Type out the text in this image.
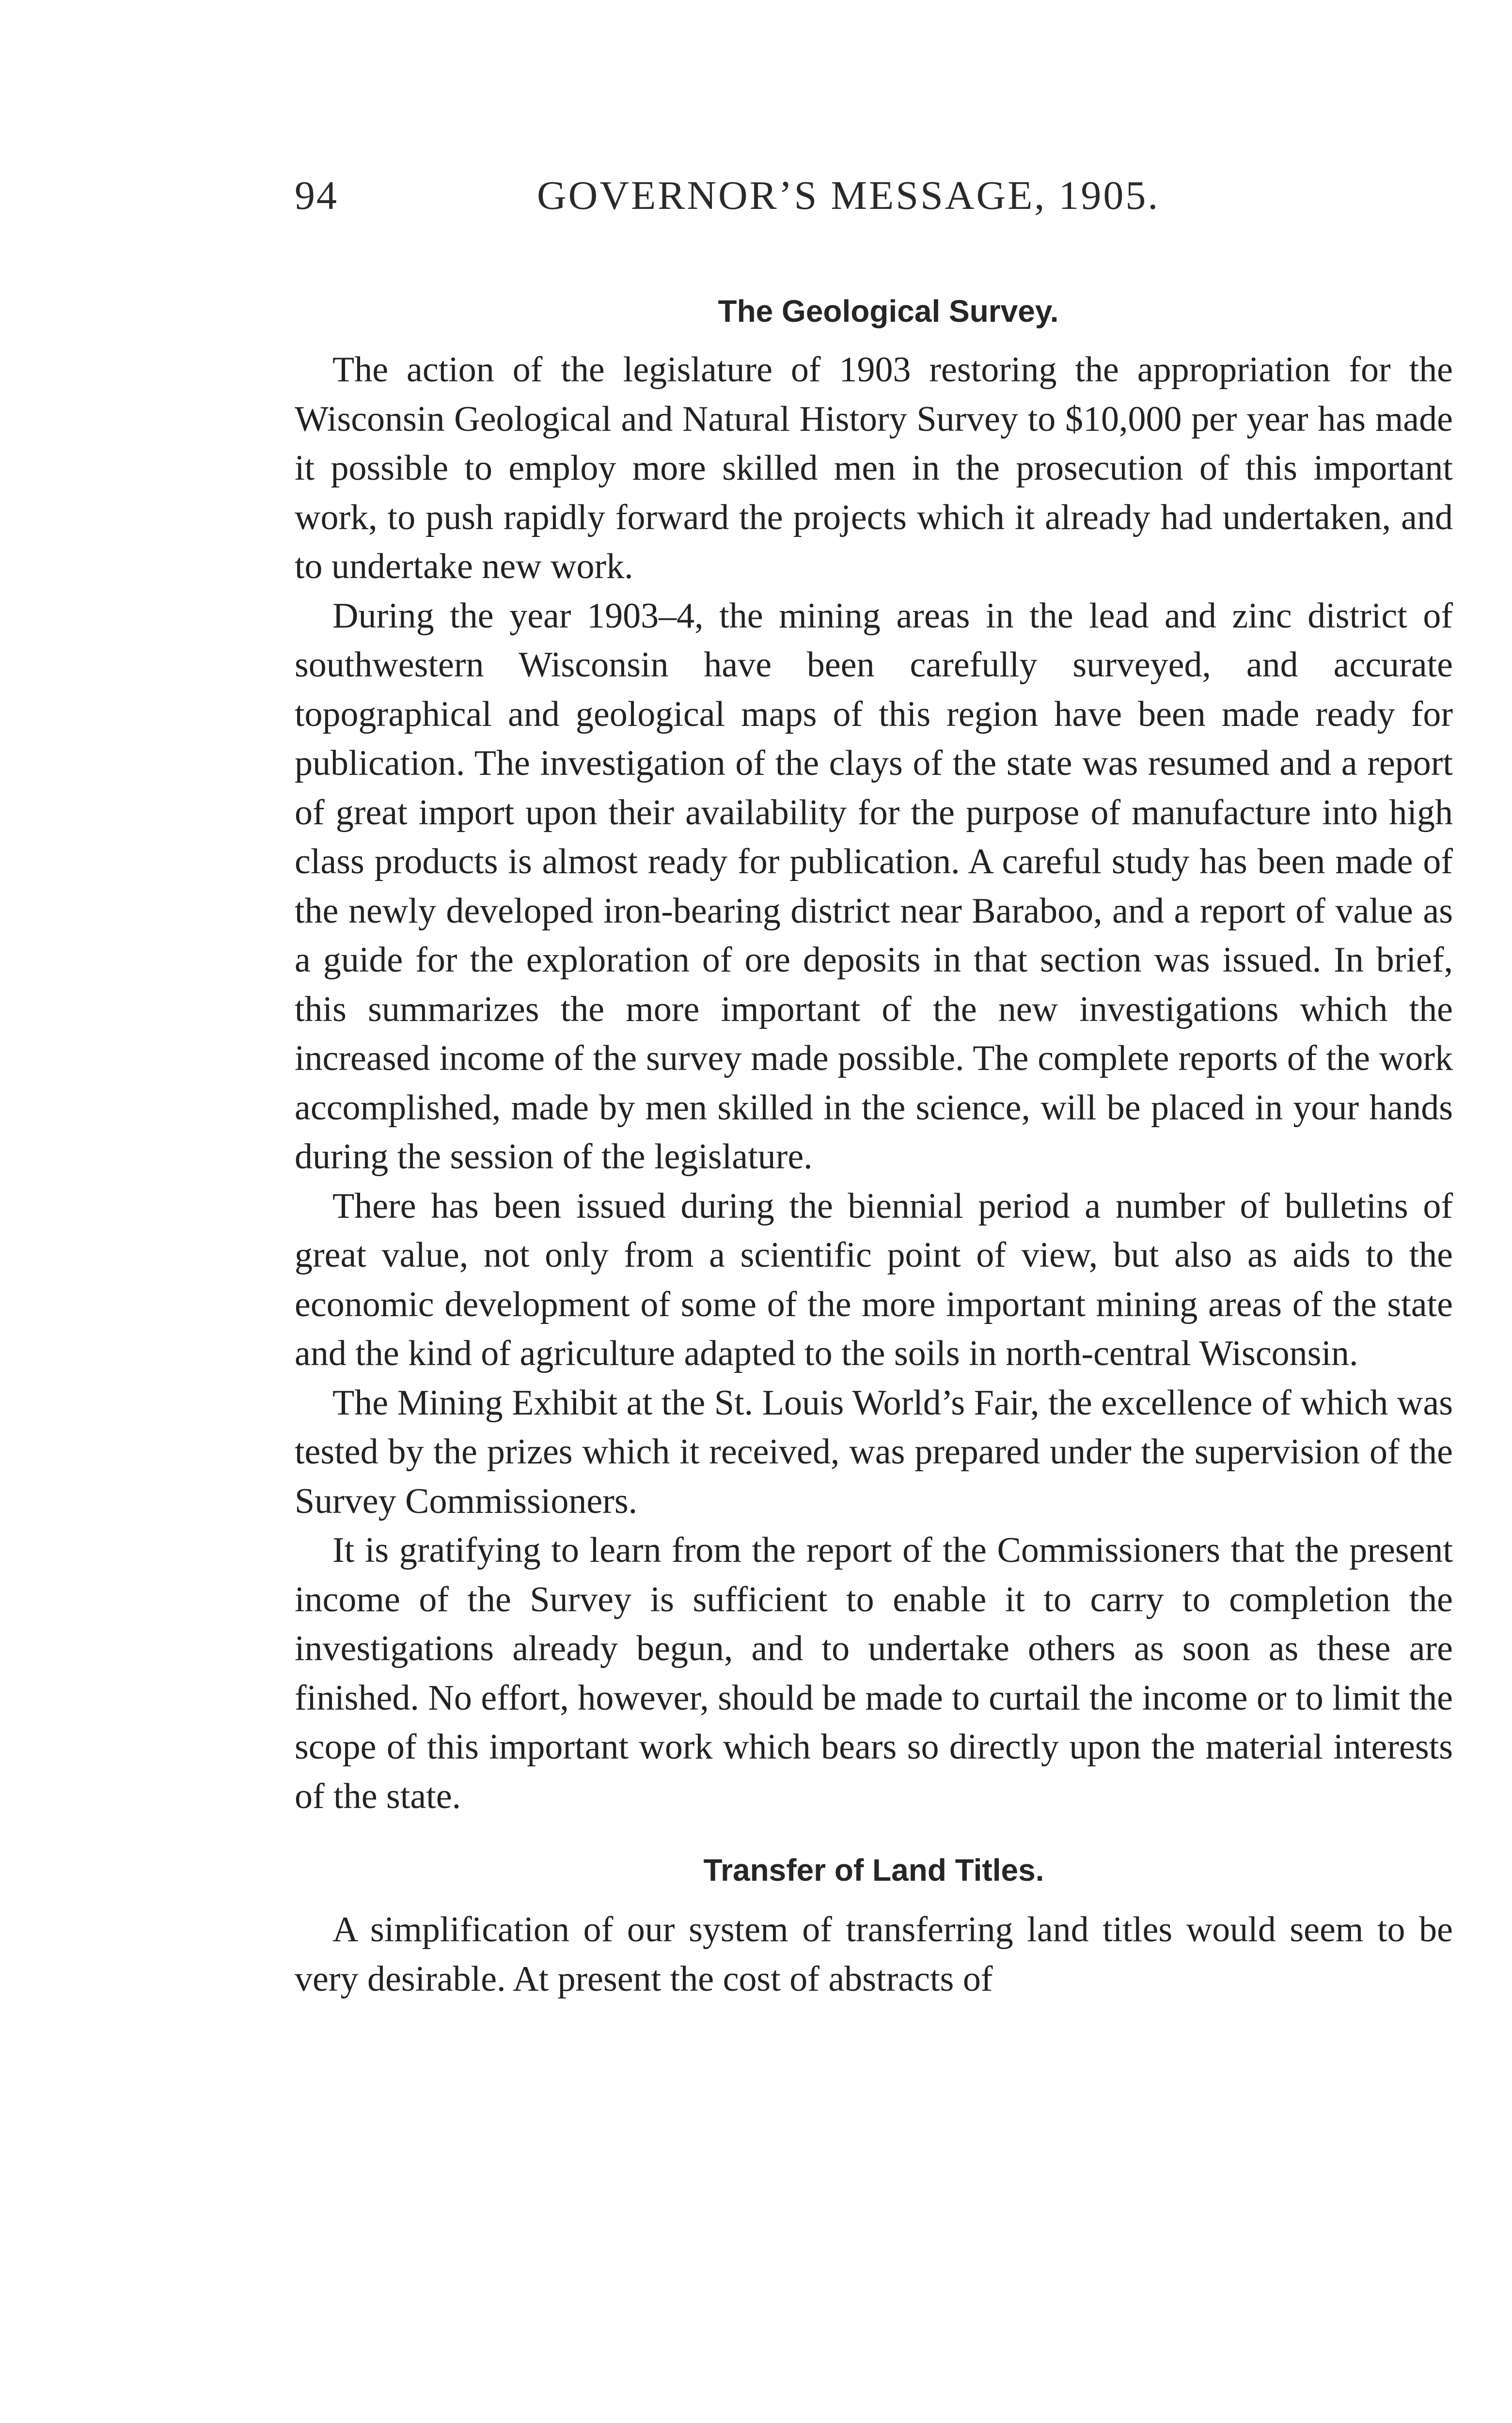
94	GOVERNOR’S MESSAGE, 1905.
The Geological Survey.

The action of the legislature of 1903 restoring the appropriation for the Wisconsin Geological and Natural History Survey to $10,000 per year has made it possible to employ more skilled men in the prosecution of this important work, to push rapidly forward the projects which it already had undertaken, and to undertake new work.

During the year 1903–4, the mining areas in the lead and zinc district of southwestern Wisconsin have been carefully surveyed, and accurate topographical and geological maps of this region have been made ready for publication. The investigation of the clays of the state was resumed and a report of great import upon their availability for the purpose of manufacture into high class products is almost ready for publication. A careful study has been made of the newly developed iron-bearing district near Baraboo, and a report of value as a guide for the exploration of ore deposits in that section was issued. In brief, this summarizes the more important of the new investigations which the increased income of the survey made possible. The complete reports of the work accomplished, made by men skilled in the science, will be placed in your hands during the session of the legislature.

There has been issued during the biennial period a number of bulletins of great value, not only from a scientific point of view, but also as aids to the economic development of some of the more important mining areas of the state and the kind of agriculture adapted to the soils in north-central Wisconsin.

The Mining Exhibit at the St. Louis World’s Fair, the excellence of which was tested by the prizes which it received, was prepared under the supervision of the Survey Commissioners.

It is gratifying to learn from the report of the Commissioners that the present income of the Survey is sufficient to enable it to carry to completion the investigations already begun, and to undertake others as soon as these are finished. No effort, however, should be made to curtail the income or to limit the scope of this important work which bears so directly upon the material interests of the state.

Transfer of Land Titles.

A simplification of our system of transferring land titles would seem to be very desirable. At present the cost of abstracts of
